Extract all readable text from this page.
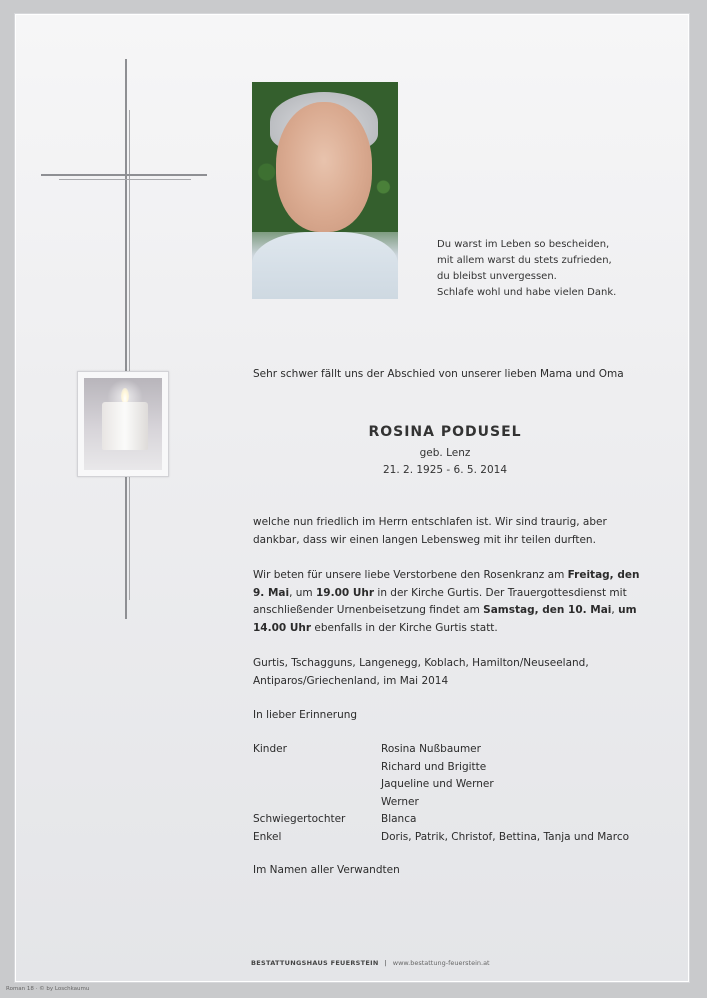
Du warst im Leben so bescheiden,
mit allem warst du stets zufrieden,
du bleibst unvergessen.
Schlafe wohl und habe vielen Dank.
Sehr schwer fällt uns der Abschied von unserer lieben Mama und Oma
ROSINA PODUSEL
geb. Lenz
21. 2. 1925 - 6. 5. 2014
welche nun friedlich im Herrn entschlafen ist. Wir sind traurig, aber dankbar, dass wir einen langen Lebensweg mit ihr teilen durften.
Wir beten für unsere liebe Verstorbene den Rosenkranz am Freitag, den 9. Mai, um 19.00 Uhr in der Kirche Gurtis. Der Trauergottesdienst mit anschließender Urnenbeisetzung findet am Samstag, den 10. Mai, um 14.00 Uhr ebenfalls in der Kirche Gurtis statt.
Gurtis, Tschagguns, Langenegg, Koblach, Hamilton/Neuseeland, Antiparos/Griechenland, im Mai 2014
In lieber Erinnerung
Kinder	Rosina Nußbaumer
Richard und Brigitte
Jaqueline und Werner
Werner
Schwiegertochter	Blanca
Enkel	Doris, Patrik, Christof, Bettina, Tanja und Marco
Im Namen aller Verwandten
BESTATTUNGSHAUS FEUERSTEIN | www.bestattung-feuerstein.at
Roman 18 · © by Loschkaumu
